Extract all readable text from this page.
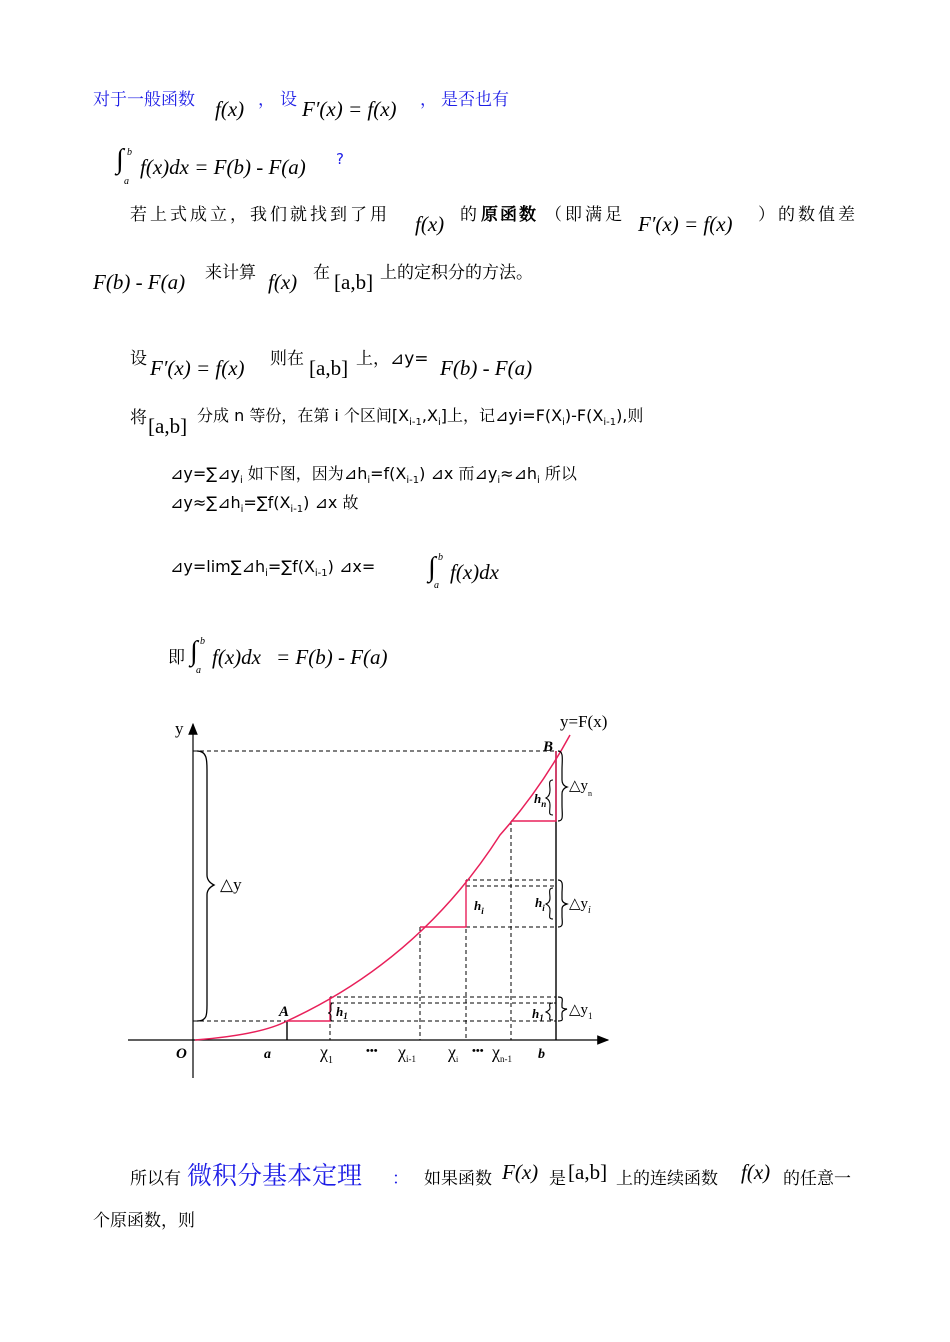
对于一般函数 f(x) ， 设 F′(x) = f(x) ， 是否也有
∫ b
a
f(x)dx = F(b) - F(a) ?
若上式成立，我们就找到了用 f(x) 的 原函数 （即满足 F′(x) = f(x) ）的数值差
F(b) - F(a) 来计算 f(x) 在 [a,b] 上的定积分的方法。
设 F′(x) = f(x) 则在 [a,b] 上，⊿y= F(b) - F(a)
将 [a,b] 分成 n 等份，在第 i 个区间$[X_{i-1},X_i]$上，记$⊿yi=F(X_i)-F(X_{i-1})$,则
$⊿y=\sum⊿y_i$ 如下图，因为$⊿h_i=f(X_{i-1})$ ⊿x 而$⊿y_i\approx⊿h_i$ 所以
$⊿y\approx\sum⊿h_i=\sum f(X_{i-1})$ ⊿x 故
$⊿y=\lim\sum⊿h_i=\sum f(X_{i-1})$ ⊿x= ∫ b
a
f(x)dx
即 ∫ b
a
f(x)dx = F(b) - F(a)
y
O
y=F(x)
△y
B
A
$\triangle y_n$
$\triangle y_i$
$\triangle y_1$
$h_n$
$h_i$
$h_i$
$h_1$	$h_1$
a	b
$\chi_1$
••• $\chi_{i-1}$ $\chi_i$
••• $\chi_{n-1}$
所以有 微积分基本定理 ： 如果函数 F(x) 是 [a,b] 上的连续函数 f(x) 的任意一
个原函数，则
